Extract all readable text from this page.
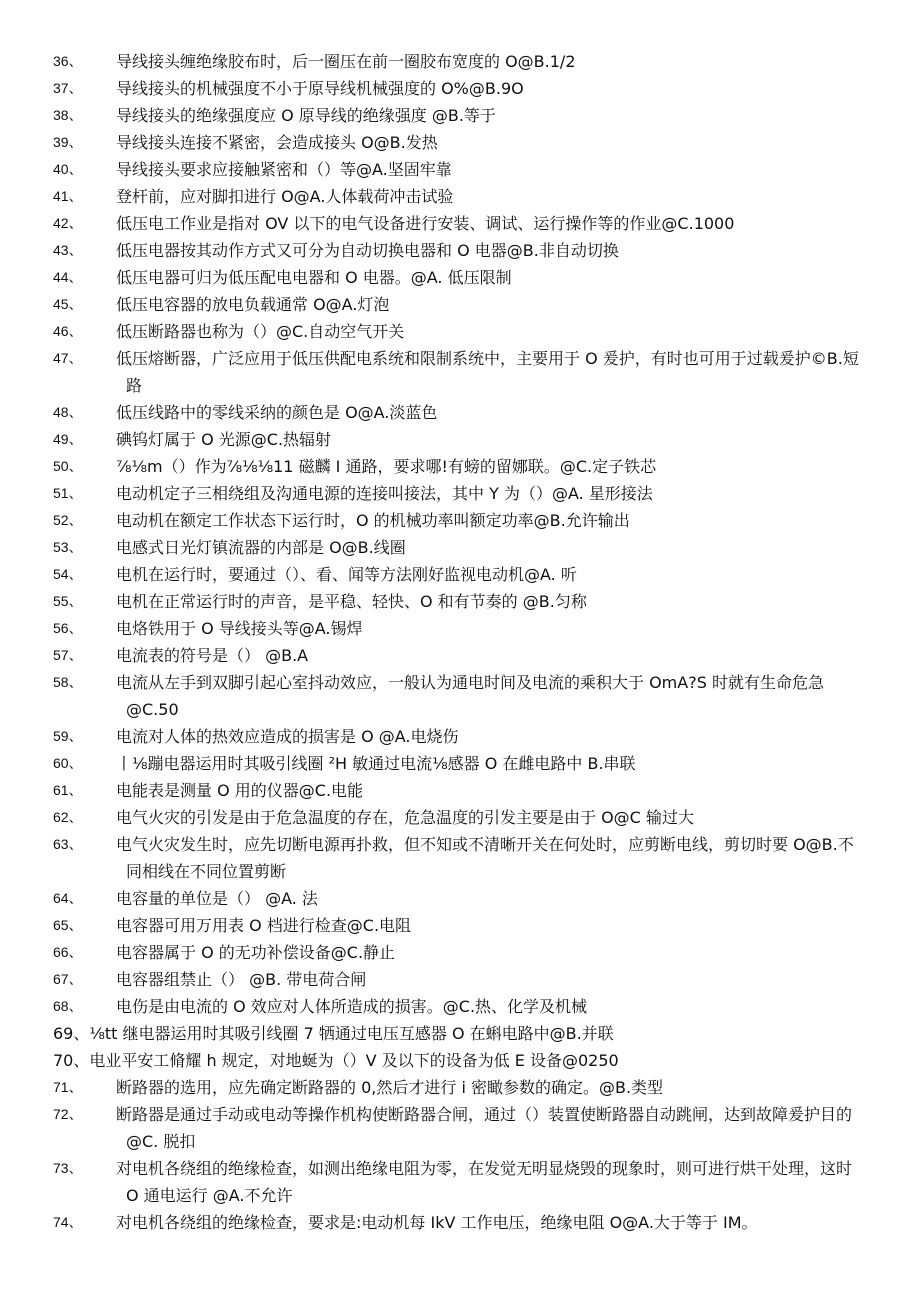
36、 导线接头缠绝缘胶布时，后一圈压在前一圈胶布宽度的 O@B.1/2
37、 导线接头的机械强度不小于原导线机械强度的 O%@B.9O
38、 导线接头的绝缘强度应 O 原导线的绝缘强度 @B.等于
39、 导线接头连接不紧密，会造成接头 O@B.发热
40、 导线接头要求应接触紧密和（）等@A.坚固牢靠
41、 登杆前，应对脚扣进行 O@A.人体载荷冲击试验
42、 低压电工作业是指对 OV 以下的电气设备进行安装、调试、运行操作等的作业@C.1000
43、 低压电器按其动作方式又可分为自动切换电器和 O 电器@B.非自动切换
44、 低压电器可归为低压配电电器和 O 电器。@A. 低压限制
45、 低压电容器的放电负载通常 O@A.灯泡
46、 低压断路器也称为（）@C.自动空气开关
47、 低压熔断器，广泛应用于低压供配电系统和限制系统中，主要用于 O 爰护，有时也可用于过载爰护©B.短路
48、 低压线路中的零线采纳的颜色是 O@A.淡蓝色
49、 碘钨灯属于 O 光源@C.热辐射
50、 ⅞⅛m（）作为⅞⅛⅛11 磁麟 I 通路，要求哪!有螃的留娜联。@C.定子铁芯
51、 电动机定子三相绕组及沟通电源的连接叫接法，其中 Y 为（）@A. 星形接法
52、 电动机在额定工作状态下运行时，O 的机械功率叫额定功率@B.允许输出
53、 电感式日光灯镇流器的内部是 O@B.线圈
54、 电机在运行时，要通过（）、看、闻等方法刚好监视电动机@A. 听
55、 电机在正常运行时的声音，是平稳、轻快、O 和有节奏的 @B.匀称
56、 电烙铁用于 O 导线接头等@A.锡焊
57、 电流表的符号是（） @B.A
58、 电流从左手到双脚引起心室抖动效应，一般认为通电时间及电流的乘积大于 OmA?S 时就有生命危急@C.50
59、 电流对人体的热效应造成的损害是 O @A.电烧伤
60、 丨⅛蹦电器运用时其吸引线圈 ²H 敏通过电流⅛感器 O 在雌电路中 B.串联
61、 电能表是测量 O 用的仪器@C.电能
62、 电气火灾的引发是由于危急温度的存在，危急温度的引发主要是由于 O@C 输过大
63、 电气火灾发生时，应先切断电源再扑救，但不知或不清晰开关在何处时，应剪断电线，剪切时要 O@B.不同相线在不同位置剪断
64、 电容量的单位是（） @A. 法
65、 电容器可用万用表 O 档进行检查@C.电阻
66、 电容器属于 O 的无功补偿设备@C.静止
67、 电容器组禁止（） @B. 带电荷合闸
68、 电伤是由电流的 O 效应对人体所造成的损害。@C.热、化学及机械
69、⅛tt 继电器运用时其吸引线圈 7 牺通过电压互感器 O 在蝌电路中@B.并联
70、电业平安工脩耀 h 规定，对地蜒为（）V 及以下的设备为低 E 设备@0250
71、 断路器的选用，应先确定断路器的 0,然后才进行 i 密瞰参数的确定。@B.类型
72、 断路器是通过手动或电动等操作机构使断路器合闸，通过（）装置使断路器自动跳闸，达到故障爰护目的@C. 脱扣
73、 对电机各绕组的绝缘检查，如测出绝缘电阻为零，在发觉无明显烧毁的现象时，则可进行烘干处理，这时 O 通电运行 @A.不允许
74、 对电机各绕组的绝缘检查，要求是:电动机每 IkV 工作电压，绝缘电阻 O@A.大于等于 IM。
